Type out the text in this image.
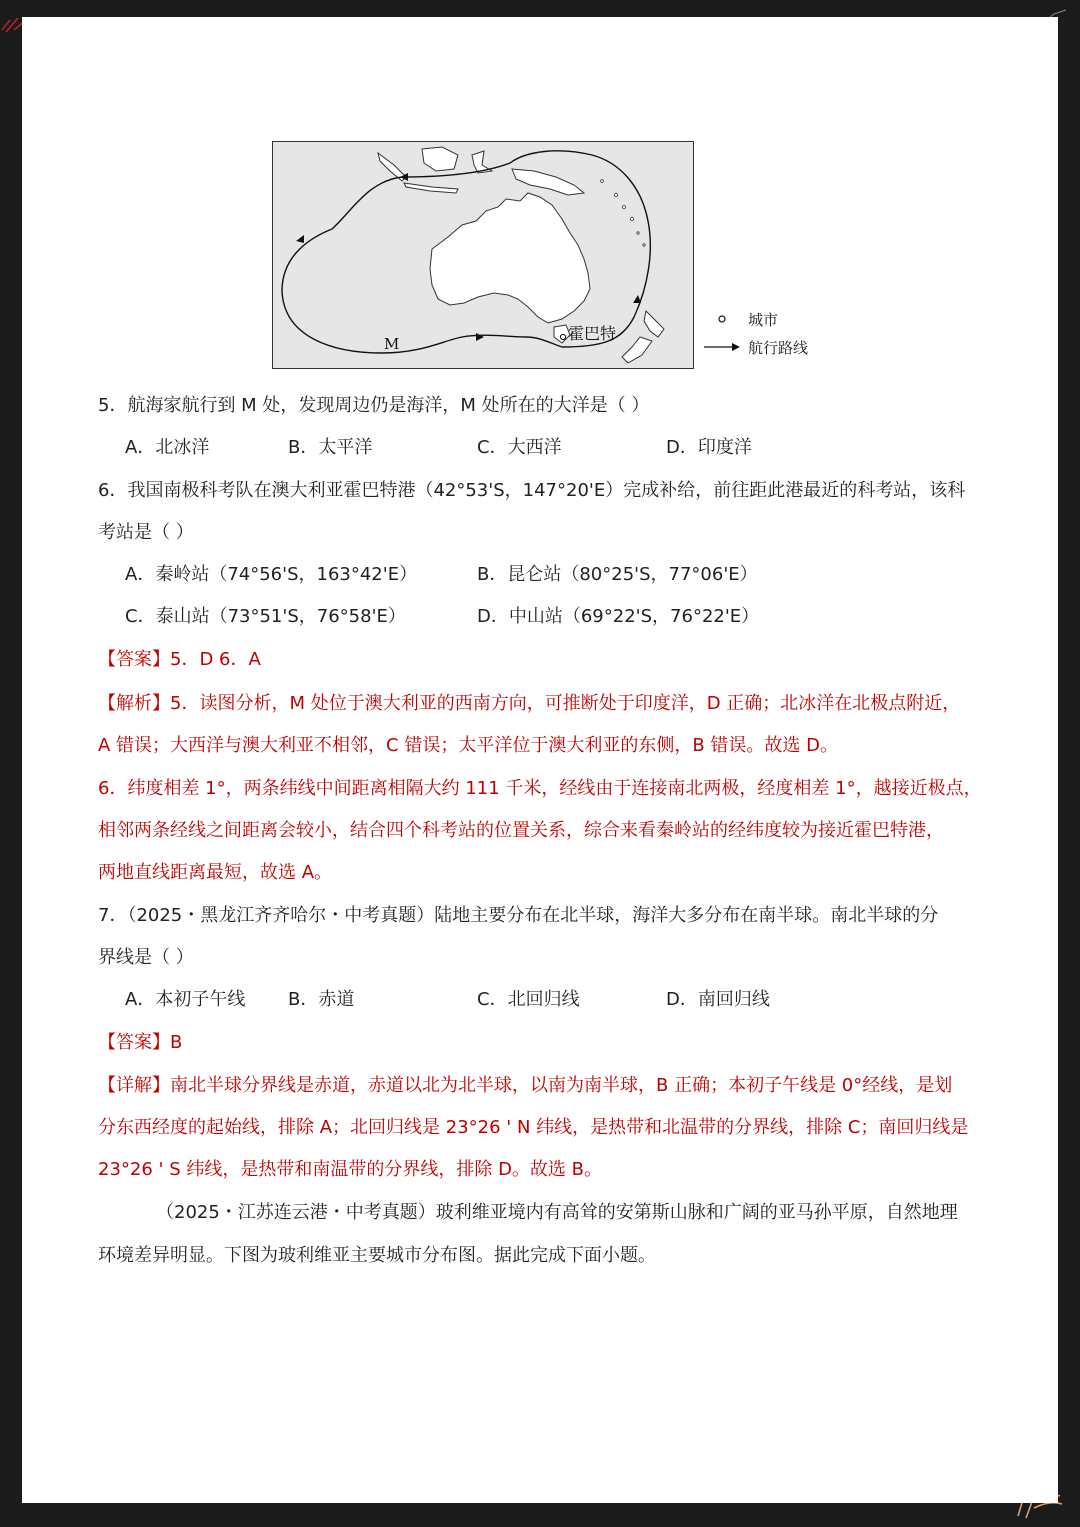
霍巴特
M
城市
航行路线
5．航海家航行到 M 处，发现周边仍是海洋，M 处所在的大洋是（ ）
A．北冰洋	B．太平洋	C．大西洋	D．印度洋
6．我国南极科考队在澳大利亚霍巴特港（42°53'S，147°20'E）完成补给，前往距此港最近的科考站，该科
考站是（ ）
A．秦岭站（74°56'S，163°42'E）	B．昆仑站（80°25'S，77°06'E）
C．泰山站（73°51'S，76°58'E）	D．中山站（69°22'S，76°22'E）
【答案】5．D 6．A
【解析】5．读图分析，M 处位于澳大利亚的西南方向，可推断处于印度洋，D 正确；北冰洋在北极点附近，
A 错误；大西洋与澳大利亚不相邻，C 错误；太平洋位于澳大利亚的东侧，B 错误。故选 D。
6．纬度相差 1°，两条纬线中间距离相隔大约 111 千米，经线由于连接南北两极，经度相差 1°，越接近极点，
相邻两条经线之间距离会较小，结合四个科考站的位置关系，综合来看秦岭站的经纬度较为接近霍巴特港，
两地直线距离最短，故选 A。
7．（2025・黑龙江齐齐哈尔・中考真题）陆地主要分布在北半球，海洋大多分布在南半球。南北半球的分
界线是（ ）
A．本初子午线 B．赤道	C．北回归线	D．南回归线
【答案】B
【详解】南北半球分界线是赤道，赤道以北为北半球，以南为南半球，B 正确；本初子午线是 0°经线，是划
分东西经度的起始线，排除 A；北回归线是 23°26 ' N 纬线，是热带和北温带的分界线，排除 C；南回归线是
23°26 ' S 纬线，是热带和南温带的分界线，排除 D。故选 B。
（2025・江苏连云港・中考真题）玻利维亚境内有高耸的安第斯山脉和广阔的亚马孙平原，自然地理
环境差异明显。下图为玻利维亚主要城市分布图。据此完成下面小题。
